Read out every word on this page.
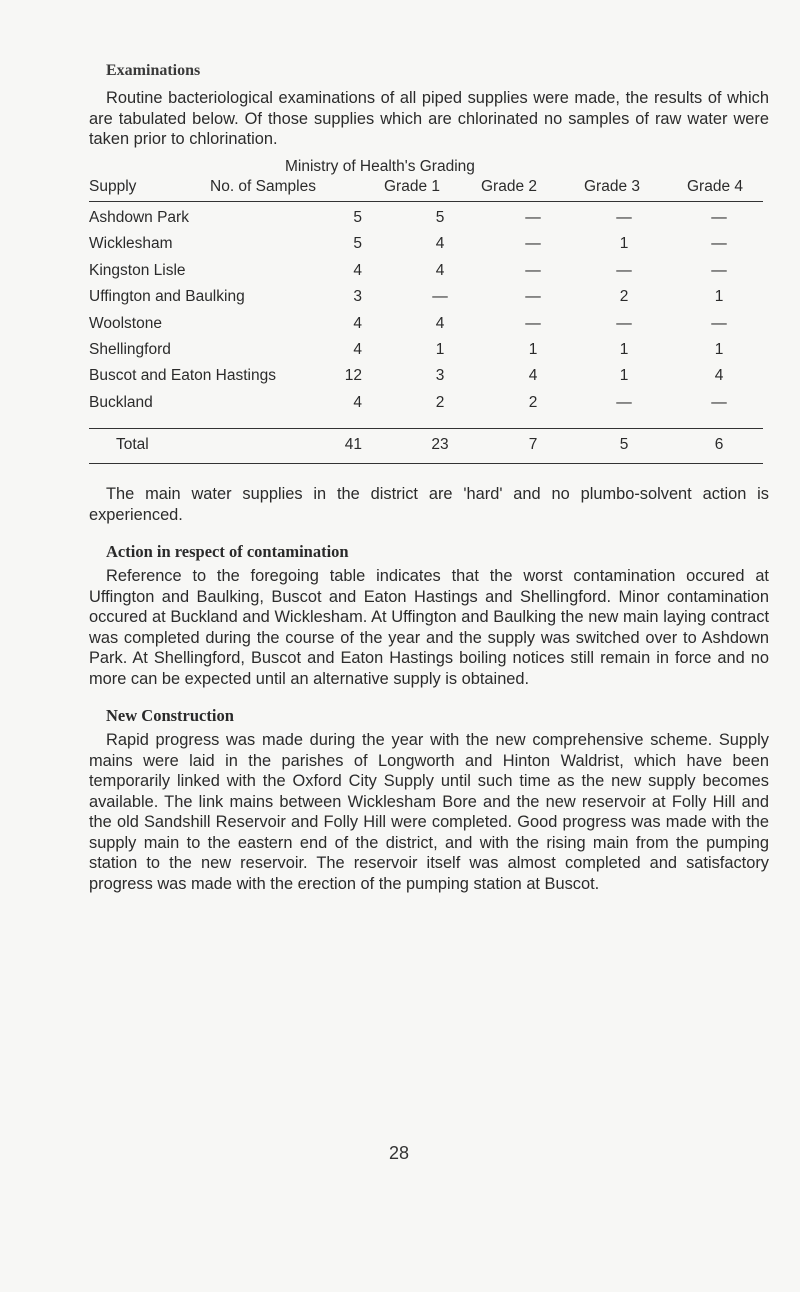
Examinations

Routine bacteriological examinations of all piped supplies were made, the results of which are tabulated below. Of those supplies which are chlorinated no samples of raw water were taken prior to chlorination.

Ministry of Health's Grading
Supply	No. of Samples	Grade 1	Grade 2	Grade 3	Grade 4
Ashdown Park	5	5	—	—	—
Wicklesham	5	4	—	1	—
Kingston Lisle	4	4	—	—	—
Uffington and Baulking	3	—	—	2	1
Woolstone	4	4	—	—	—
Shellingford	4	1	1	1	1
Buscot and Eaton Hastings	12	3	4	1	4
Buckland	4	2	2	—	—
Total	41	23	7	5	6

The main water supplies in the district are 'hard' and no plumbo-solvent action is experienced.

Action in respect of contamination

Reference to the foregoing table indicates that the worst contamination occured at Uffington and Baulking, Buscot and Eaton Hastings and Shellingford. Minor contamination occured at Buckland and Wicklesham. At Uffington and Baulking the new main laying contract was completed during the course of the year and the supply was switched over to Ashdown Park. At Shellingford, Buscot and Eaton Hastings boiling notices still remain in force and no more can be expected until an alternative supply is obtained.

New Construction

Rapid progress was made during the year with the new comprehensive scheme. Supply mains were laid in the parishes of Longworth and Hinton Waldrist, which have been temporarily linked with the Oxford City Supply until such time as the new supply becomes available. The link mains between Wicklesham Bore and the new reservoir at Folly Hill and the old Sandshill Reservoir and Folly Hill were completed. Good progress was made with the supply main to the eastern end of the district, and with the rising main from the pumping station to the new reservoir. The reservoir itself was almost completed and satisfactory progress was made with the erection of the pumping station at Buscot.

28
